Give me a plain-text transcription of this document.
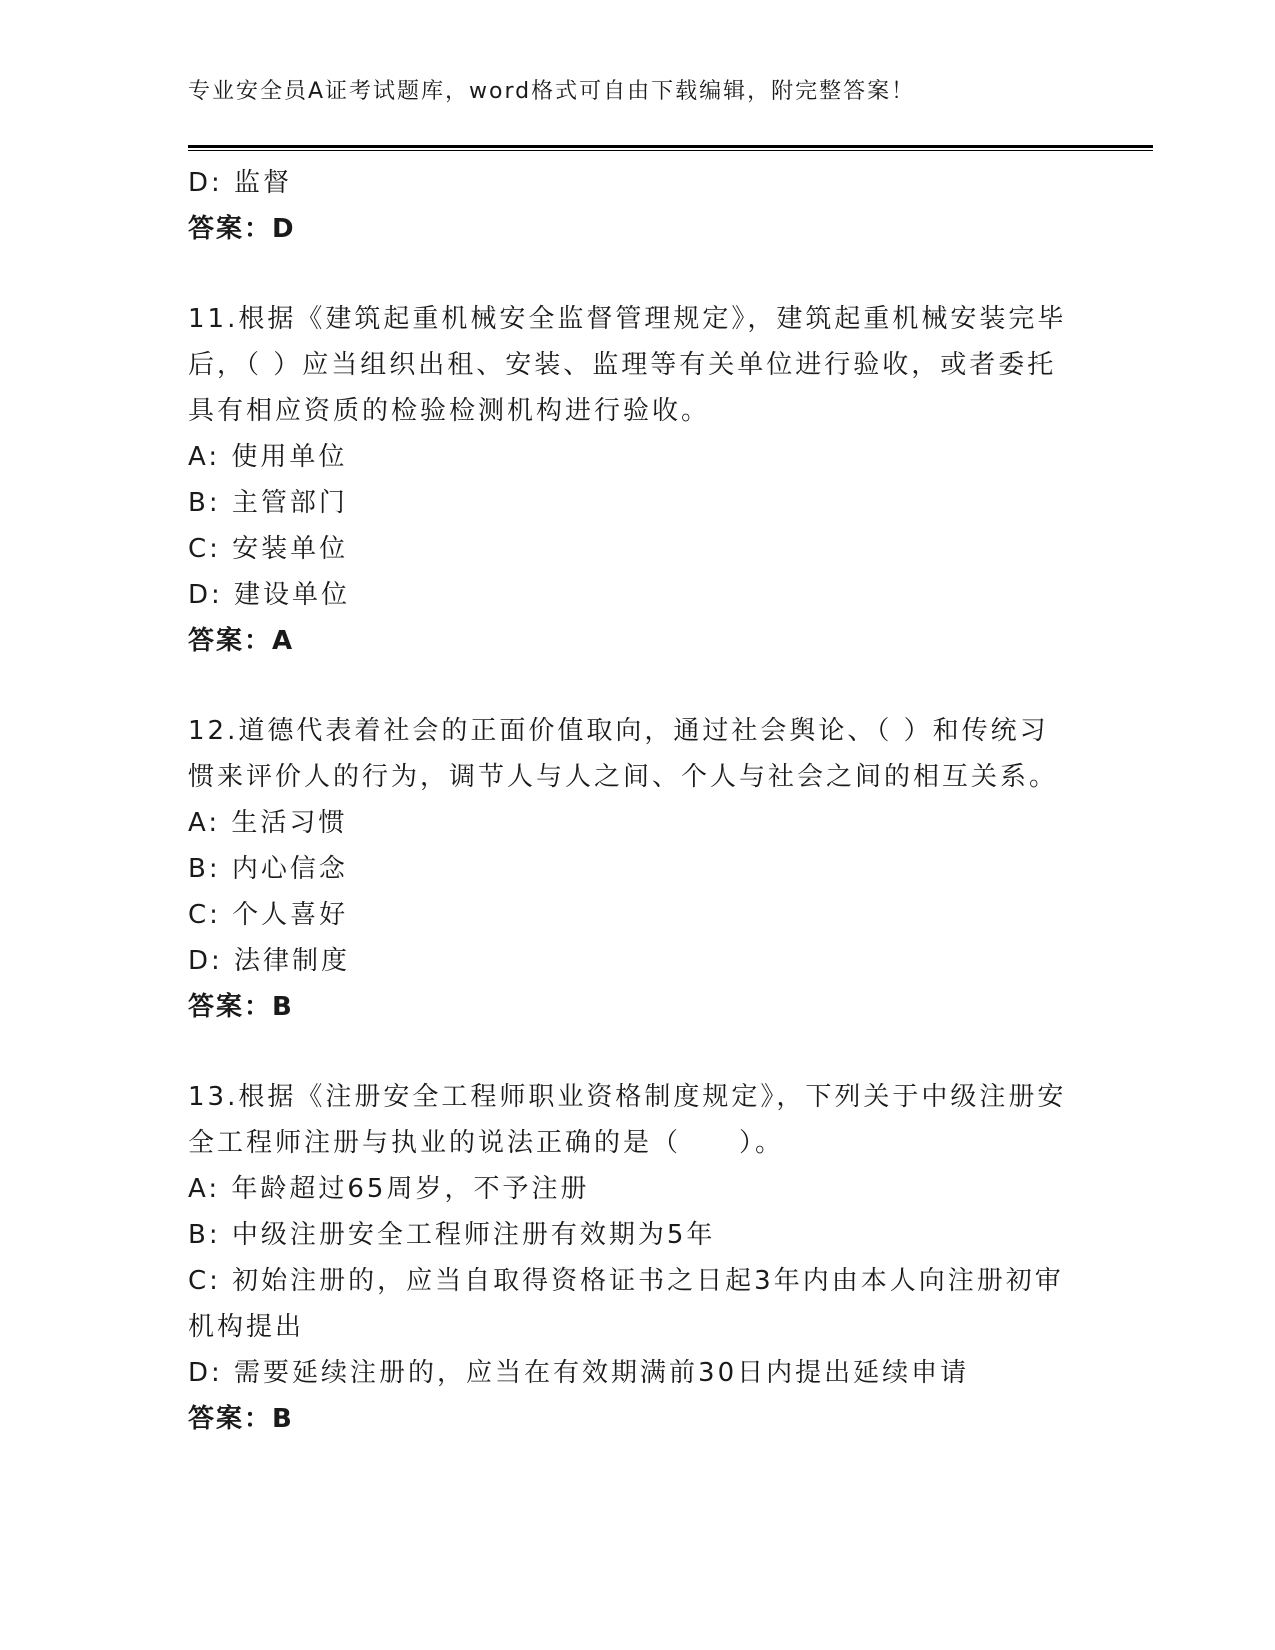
专业安全员A证考试题库，word格式可自由下载编辑，附完整答案！
D: 监督
答案：D
11.根据《建筑起重机械安全监督管理规定》，建筑起重机械安装完毕
后，（ ）应当组织出租、安装、监理等有关单位进行验收，或者委托
具有相应资质的检验检测机构进行验收。
A: 使用单位
B: 主管部门
C: 安装单位
D: 建设单位
答案：A
12.道德代表着社会的正面价值取向，通过社会舆论、（ ）和传统习
惯来评价人的行为，调节人与人之间、个人与社会之间的相互关系。
A: 生活习惯
B: 内心信念
C: 个人喜好
D: 法律制度
答案：B
13.根据《注册安全工程师职业资格制度规定》，下列关于中级注册安
全工程师注册与执业的说法正确的是（　　）。
A: 年龄超过65周岁，不予注册
B: 中级注册安全工程师注册有效期为5年
C: 初始注册的，应当自取得资格证书之日起3年内由本人向注册初审
机构提出
D: 需要延续注册的，应当在有效期满前30日内提出延续申请
答案：B
